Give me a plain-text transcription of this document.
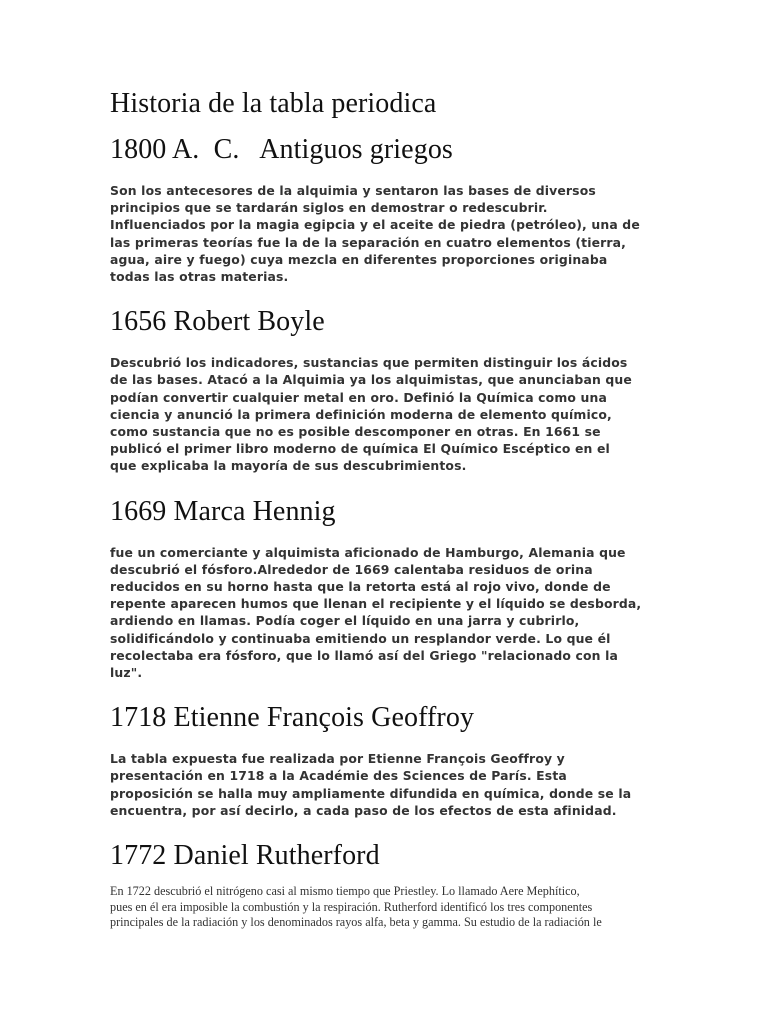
Historia de la tabla periodica
1800 A.  C.   Antiguos griegos

Son los antecesores de la alquimia y sentaron las bases de diversos
principios que se tardarán siglos en demostrar o redescubrir.
Influenciados por la magia egipcia y el aceite de piedra (petróleo), una de
las primeras teorías fue la de la separación en cuatro elementos (tierra,
agua, aire y fuego) cuya mezcla en diferentes proporciones originaba
todas las otras materias.

1656 Robert Boyle

Descubrió los indicadores, sustancias que permiten distinguir los ácidos
de las bases. Atacó a la Alquimia ya los alquimistas, que anunciaban que
podían convertir cualquier metal en oro. Definió la Química como una
ciencia y anunció la primera definición moderna de elemento químico,
como sustancia que no es posible descomponer en otras. En 1661 se
publicó el primer libro moderno de química El Químico Escéptico en el
que explicaba la mayoría de sus descubrimientos.

1669 Marca Hennig

fue un comerciante y alquimista aficionado de Hamburgo, Alemania que
descubrió el fósforo.Alrededor de 1669 calentaba residuos de orina
reducidos en su horno hasta que la retorta está al rojo vivo, donde de
repente aparecen humos que llenan el recipiente y el líquido se desborda,
ardiendo en llamas. Podía coger el líquido en una jarra y cubrirlo,
solidificándolo y continuaba emitiendo un resplandor verde. Lo que él
recolectaba era fósforo, que lo llamó así del Griego "relacionado con la
luz".

1718 Etienne François Geoffroy

La tabla expuesta fue realizada por Etienne François Geoffroy y
presentación en 1718 a la Académie des Sciences de París. Esta
proposición se halla muy ampliamente difundida en química, donde se la
encuentra, por así decirlo, a cada paso de los efectos de esta afinidad.

1772 Daniel Rutherford

En 1722 descubrió el nitrógeno casi al mismo tiempo que Priestley. Lo llamado Aere Mephítico,
pues en él era imposible la combustión y la respiración. Rutherford identificó los tres componentes
principales de la radiación y los denominados rayos alfa, beta y gamma. Su estudio de la radiación le
